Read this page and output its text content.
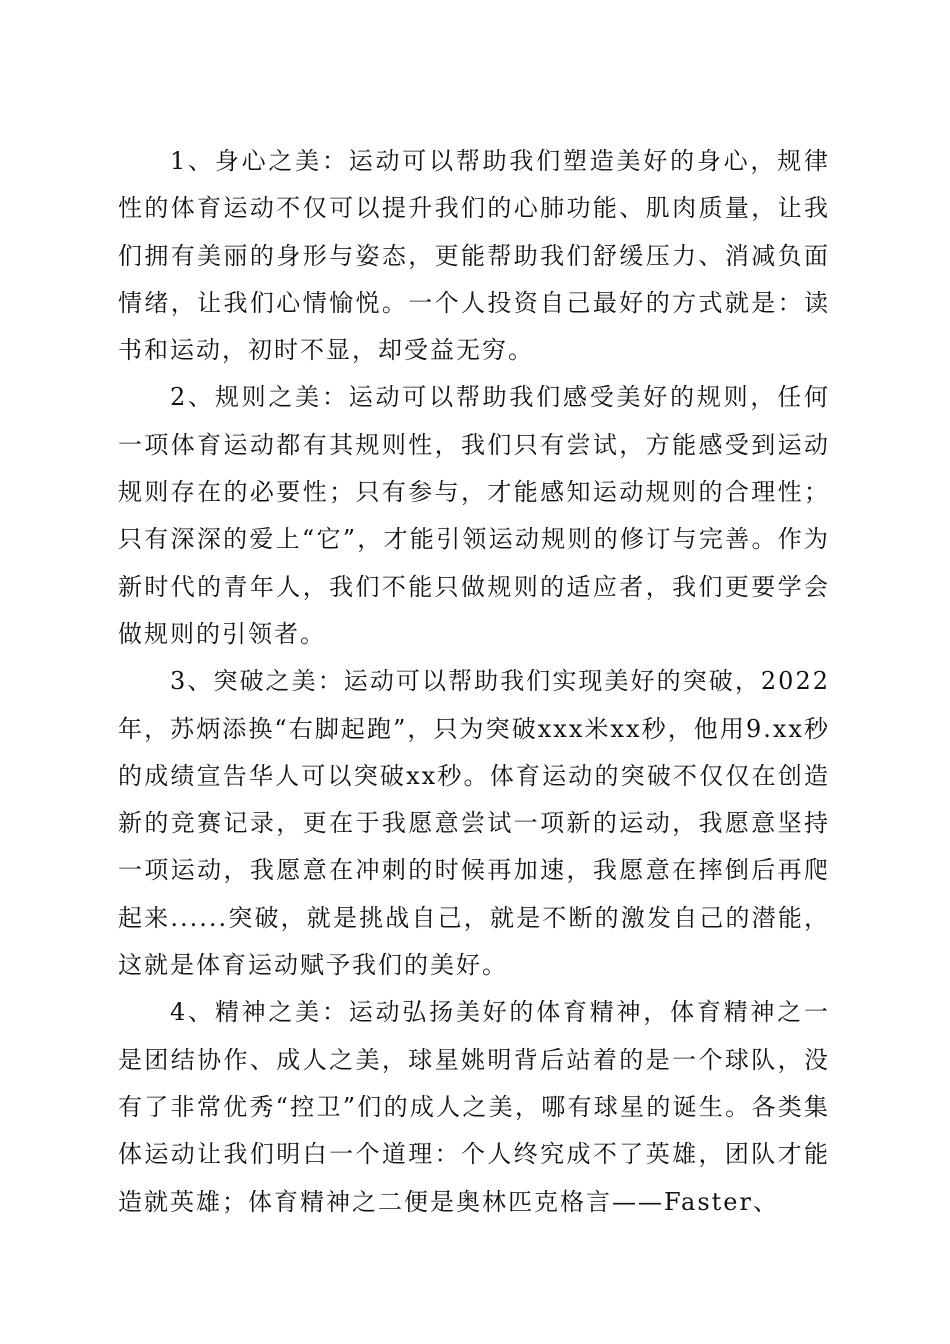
1、身心之美：运动可以帮助我们塑造美好的身心，规律性的体育运动不仅可以提升我们的心肺功能、肌肉质量，让我们拥有美丽的身形与姿态，更能帮助我们舒缓压力、消减负面情绪，让我们心情愉悦。一个人投资自己最好的方式就是：读书和运动，初时不显，却受益无穷。

2、规则之美：运动可以帮助我们感受美好的规则，任何一项体育运动都有其规则性，我们只有尝试，方能感受到运动规则存在的必要性；只有参与，才能感知运动规则的合理性；只有深深的爱上“它”，才能引领运动规则的修订与完善。作为新时代的青年人，我们不能只做规则的适应者，我们更要学会做规则的引领者。

3、突破之美：运动可以帮助我们实现美好的突破，2022年，苏炳添换“右脚起跑”，只为突破xxx米xx秒，他用9.xx秒的成绩宣告华人可以突破xx秒。体育运动的突破不仅仅在创造新的竞赛记录，更在于我愿意尝试一项新的运动，我愿意坚持一项运动，我愿意在冲刺的时候再加速，我愿意在摔倒后再爬起来......突破，就是挑战自己，就是不断的激发自己的潜能，这就是体育运动赋予我们的美好。

4、精神之美：运动弘扬美好的体育精神，体育精神之一是团结协作、成人之美，球星姚明背后站着的是一个球队，没有了非常优秀“控卫”们的成人之美，哪有球星的诞生。各类集体运动让我们明白一个道理：个人终究成不了英雄，团队才能造就英雄；体育精神之二便是奥林匹克格言——Faster、
